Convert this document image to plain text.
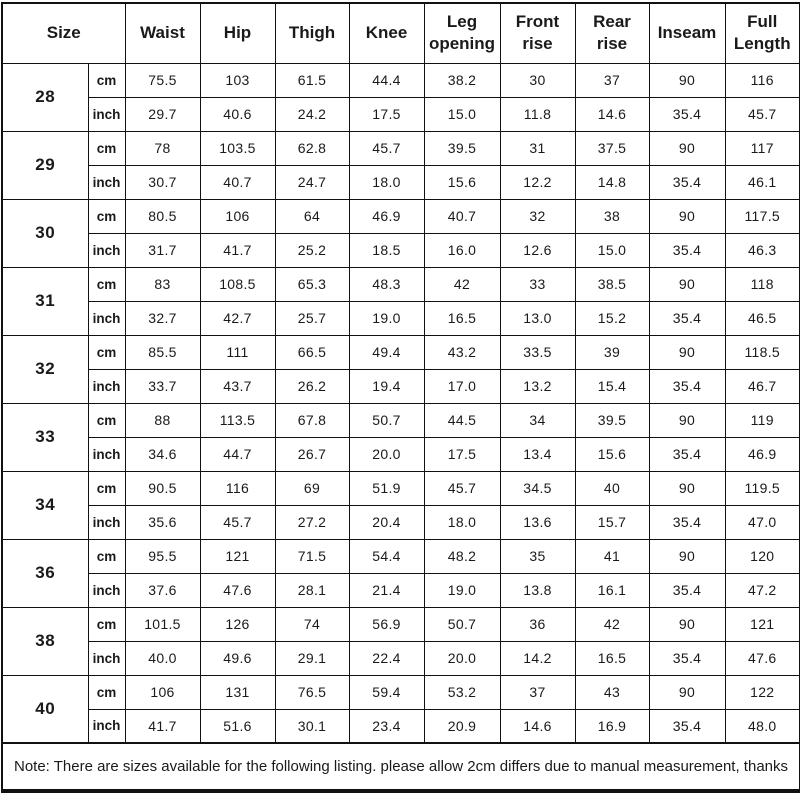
Size		Waist	Hip	Thigh	Knee	Leg opening	Front rise	Rear rise	Inseam	Full Length
28	cm	75.5	103	61.5	44.4	38.2	30	37	90	116
	inch	29.7	40.6	24.2	17.5	15.0	11.8	14.6	35.4	45.7
29	cm	78	103.5	62.8	45.7	39.5	31	37.5	90	117
	inch	30.7	40.7	24.7	18.0	15.6	12.2	14.8	35.4	46.1
30	cm	80.5	106	64	46.9	40.7	32	38	90	117.5
	inch	31.7	41.7	25.2	18.5	16.0	12.6	15.0	35.4	46.3
31	cm	83	108.5	65.3	48.3	42	33	38.5	90	118
	inch	32.7	42.7	25.7	19.0	16.5	13.0	15.2	35.4	46.5
32	cm	85.5	111	66.5	49.4	43.2	33.5	39	90	118.5
	inch	33.7	43.7	26.2	19.4	17.0	13.2	15.4	35.4	46.7
33	cm	88	113.5	67.8	50.7	44.5	34	39.5	90	119
	inch	34.6	44.7	26.7	20.0	17.5	13.4	15.6	35.4	46.9
34	cm	90.5	116	69	51.9	45.7	34.5	40	90	119.5
	inch	35.6	45.7	27.2	20.4	18.0	13.6	15.7	35.4	47.0
36	cm	95.5	121	71.5	54.4	48.2	35	41	90	120
	inch	37.6	47.6	28.1	21.4	19.0	13.8	16.1	35.4	47.2
38	cm	101.5	126	74	56.9	50.7	36	42	90	121
	inch	40.0	49.6	29.1	22.4	20.0	14.2	16.5	35.4	47.6
40	cm	106	131	76.5	59.4	53.2	37	43	90	122
	inch	41.7	51.6	30.1	23.4	20.9	14.6	16.9	35.4	48.0
Note: There are sizes available for the following listing. please allow 2cm differs due to manual measurement, thanks										
